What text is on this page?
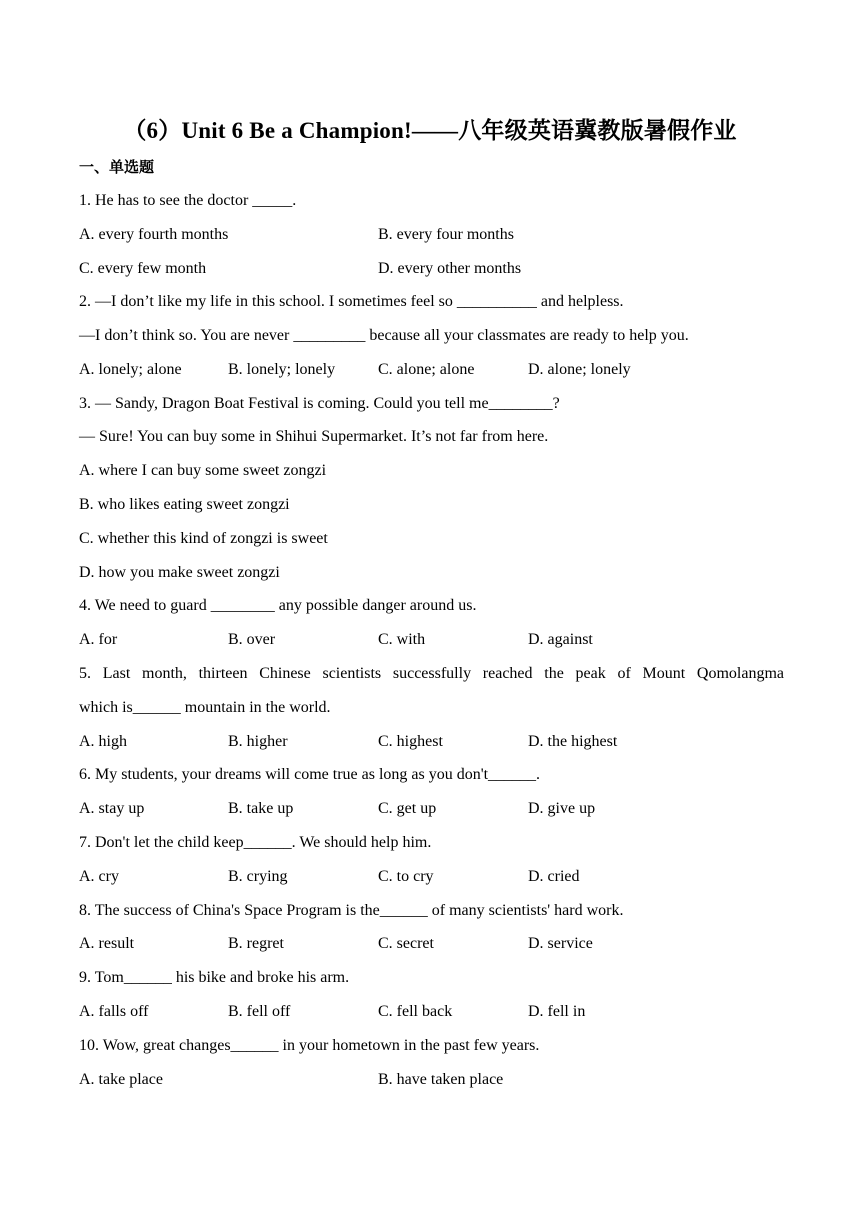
（6）Unit 6 Be a Champion!——八年级英语冀教版暑假作业
一、单选题
1. He has to see the doctor _____.
A. every fourth months	B. every four months
C. every few month	D. every other months
2. —I don’t like my life in this school. I sometimes feel so __________ and helpless.
—I don’t think so. You are never _________ because all your classmates are ready to help you.
A. lonely; alone	B. lonely; lonely	C. alone; alone	D. alone; lonely
3. — Sandy, Dragon Boat Festival is coming. Could you tell me________?
— Sure! You can buy some in Shihui Supermarket. It’s not far from here.
A. where I can buy some sweet zongzi
B. who likes eating sweet zongzi
C. whether this kind of zongzi is sweet
D. how you make sweet zongzi
4. We need to guard ________ any possible danger around us.
A. for	B. over	C. with	D. against
5. Last month, thirteen Chinese scientists successfully reached the peak of Mount Qomolangma
which is______ mountain in the world.
A. high	B. higher	C. highest	D. the highest
6. My students, your dreams will come true as long as you don't______.
A. stay up	B. take up	C. get up	D. give up
7. Don't let the child keep______. We should help him.
A. cry	B. crying	C. to cry	D. cried
8. The success of China's Space Program is the______ of many scientists' hard work.
A. result	B. regret	C. secret	D. service
9. Tom______ his bike and broke his arm.
A. falls off	B. fell off	C. fell back	D. fell in
10. Wow, great changes______ in your hometown in the past few years.
A. take place	B. have taken place
